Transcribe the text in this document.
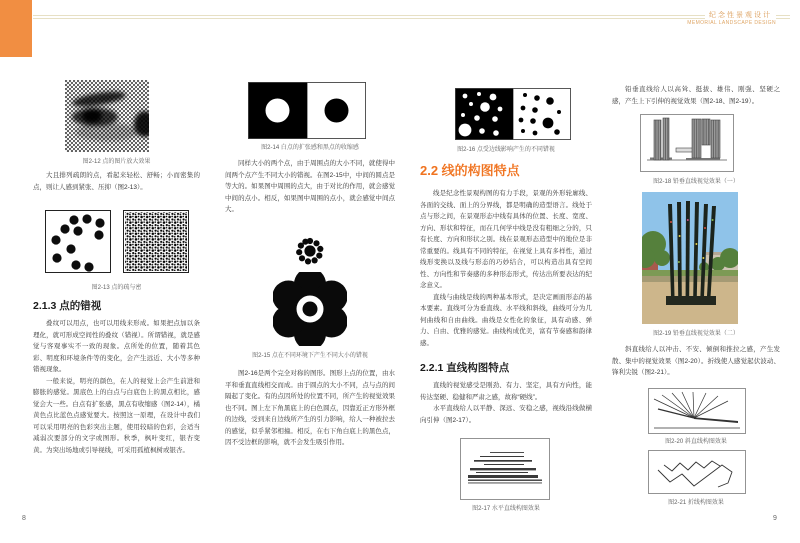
纪念性景观设计
MEMORIAL LANDSCAPE DESIGN
图2-12 点的图片放大效果
大且排列疏朗的点，看起来轻松、舒畅；小而密集的点，则让人感到紧张、压抑（图2-13）。
图2-13 点的疏与密
2.1.3 点的错视

叠纹可以用点，也可以用线来形成。如果把点加以条理化，就可形成空间性的叠纹（错视）。所谓错视，就是感觉与客观事实不一致的现象。点所处的位置，随着其色彩、明度和环境条件等的变化，会产生远近、大小等多种错视现象。

一般来说，明亮的颜色，在人的视觉上会产生前进和膨胀的感觉。黑底色上的白点与白底色上的黑点相比，感觉会大一些。白点有扩张感，黑点有收缩感（图2-14），橘黄色点比蓝色点感觉要大。按照这一原理，在设计中我们可以采用明亮的色彩突出主题，使用较暗的色彩，会适当减弱次要部分的文字或图形。秋季，枫叶变红，银杏变黄。为突出场地或引导视线，可采用孤植枫树或银杏。

图2-14 白点的扩张感和黑点的收缩感
同样大小的两个点，由于周围点的大小不同，就使得中间两个点产生不同大小的错视。在图2-15中，中间的圆点是等大的。如果图中周围的点大，由于对比的作用，就会感觉中间的点小。相反，如果图中周围的点小，就会感觉中间点大。
图2-15 点在不同环境下产生不同大小的错视
图2-16是两个完全对称的图形。图形上点的位置，由水平和垂直直线相交而成。由于圆点的大小不同，点与点的间隔起了变化。有的点因所处的位置不同，所产生的视觉效果也不同。图上左下角黑底上的白色圆点，因靠近正方形外框的边线，受到来自边线所产生的引力影响，给人一种被拉去的感觉，似乎紧邻相撞。相反，在右下角白底上的黑色点，因不受边框的影响，就不会发生吸引作用。
图2-16 点受边线影响产生的不同错视
2.2 线的构图特点

线是纪念性景观构图的有力手段，景观的外形轮廓线、各面的交线、面上的分界线，都是明确的造型语言。线处于点与形之间，在景观形态中线有具体的位置、长度、宽度、方向、形状和特征，而在几何学中线是没有粗细之分的，只有长度、方向和形状之别。线在景观形态造型中的地位是非常重要的。线具有不同的特征，在视觉上具有多样性，通过线形变换以及线与形态的巧妙结合，可以构造出具有空间性、方向性和节奏感的多种形态形式，传达出所要表达的纪念意义。

直线与曲线是线的两种基本形式，是决定画面形态的基本要素。直线可分为垂直线、水平线和斜线，曲线可分为几何曲线和自由曲线。曲线是女性化的象征，具有动感、弹力、自由、优雅的感觉。曲线构成优美，富有节奏感和韵律感。

2.2.1 直线构图特点

直线的视觉感受是刚劲、有力、坚定，具有方向性，能传达坚硬、稳健和严肃之感，故称“硬线”。

水平直线给人以平静、深远、安稳之感，视线沿线做横向引伸（图2-17）。

图2-17 水平直线构图效果
铅垂直线给人以高耸、挺拔、雄伟、刚强、坚硬之感，产生上下引伸的视觉效果（图2-18、图2-19）。
图2-18 铅垂直线视觉效果（一）
图2-19 铅垂直线视觉效果（二）
斜直线给人以冲击、不安、倾倒和推拉之感，产生发散、集中的视觉效果（图2-20）。折线使人感觉起伏波动、锋利尖锐（图2-21）。
图2-20 斜直线构图效果
图2-21 折线构图效果
8	9
